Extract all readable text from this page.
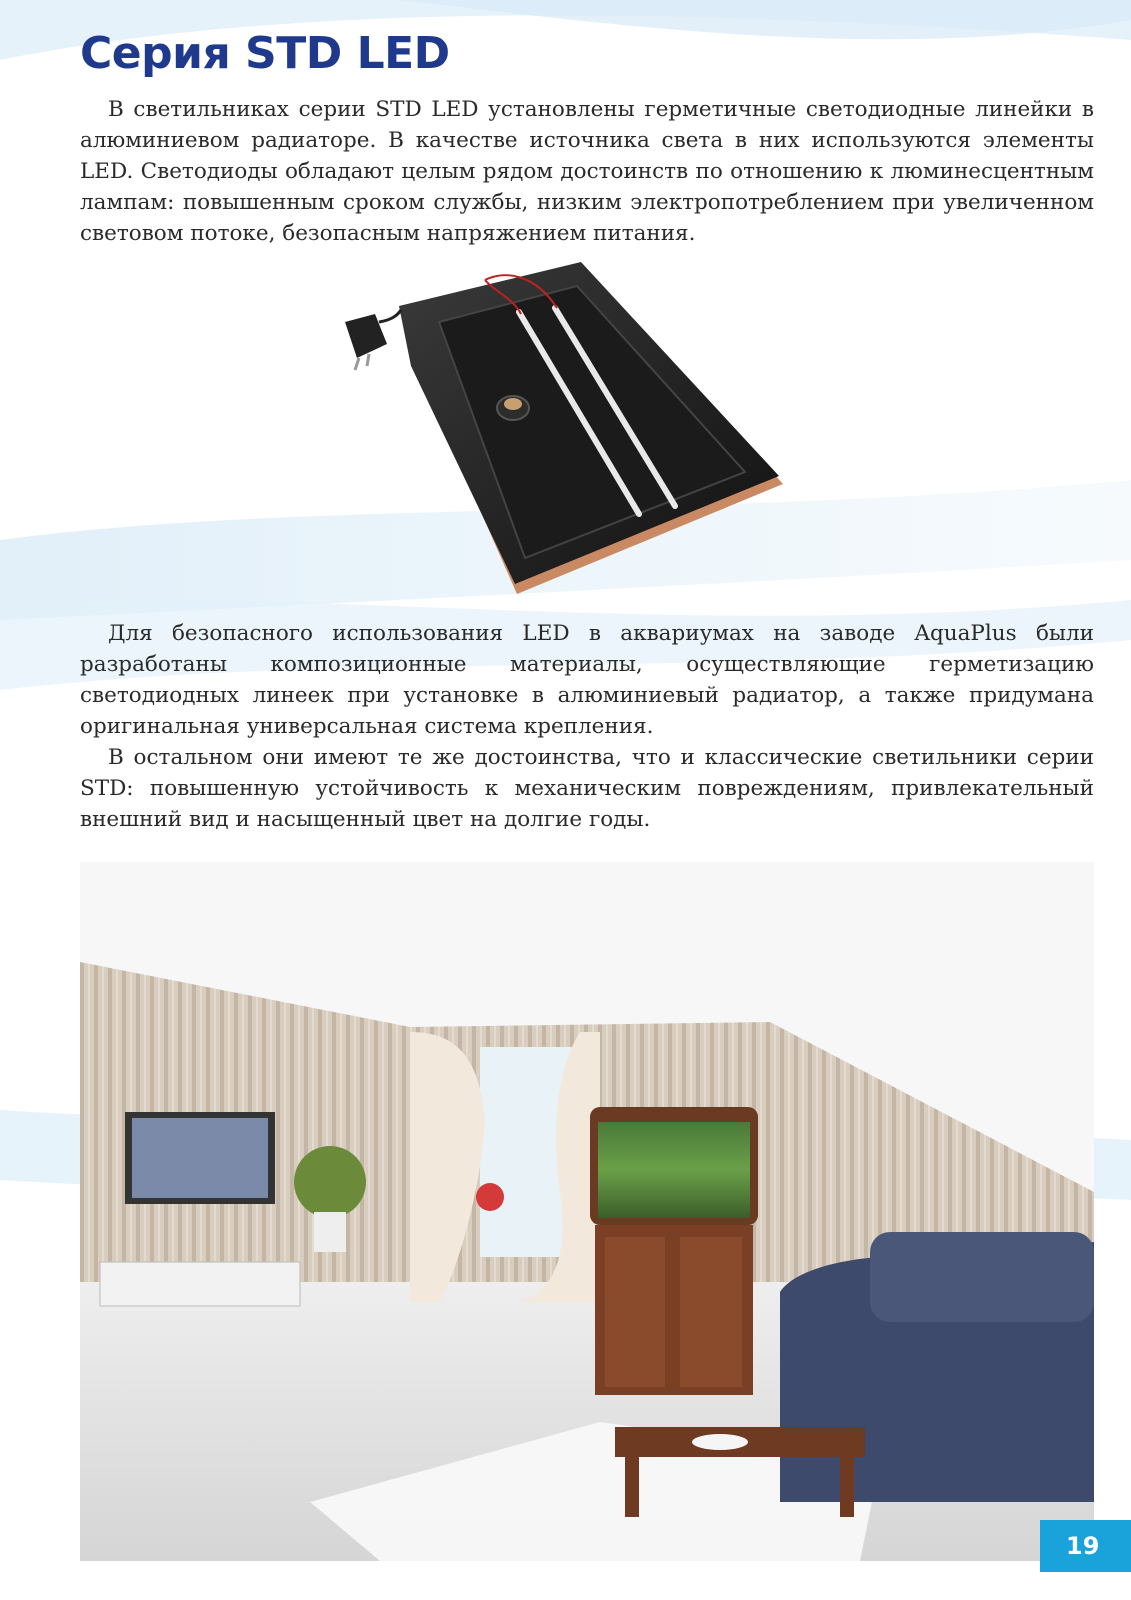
Серия STD LED

В светильниках серии STD LED установлены герметичные светодиодные линейки в алюминиевом радиаторе. В качестве источника света в них используются элементы LED. Светодиоды обладают целым рядом достоинств по отношению к люминесцентным лампам: повышенным сроком службы, низким электропотреблением при увеличенном световом потоке, безопасным напряжением питания.

Для безопасного использования LED в аквариумах на заводе AquaPlus были разработаны композиционные материалы, осуществляющие герметизацию светодиодных линеек при установке в алюминиевый радиатор, а также придумана оригинальная универсальная система крепления.

В остальном они имеют те же достоинства, что и классические светильники серии STD: повышенную устойчивость к механическим повреждениям, привлекательный внешний вид и насыщенный цвет на долгие годы.

19
